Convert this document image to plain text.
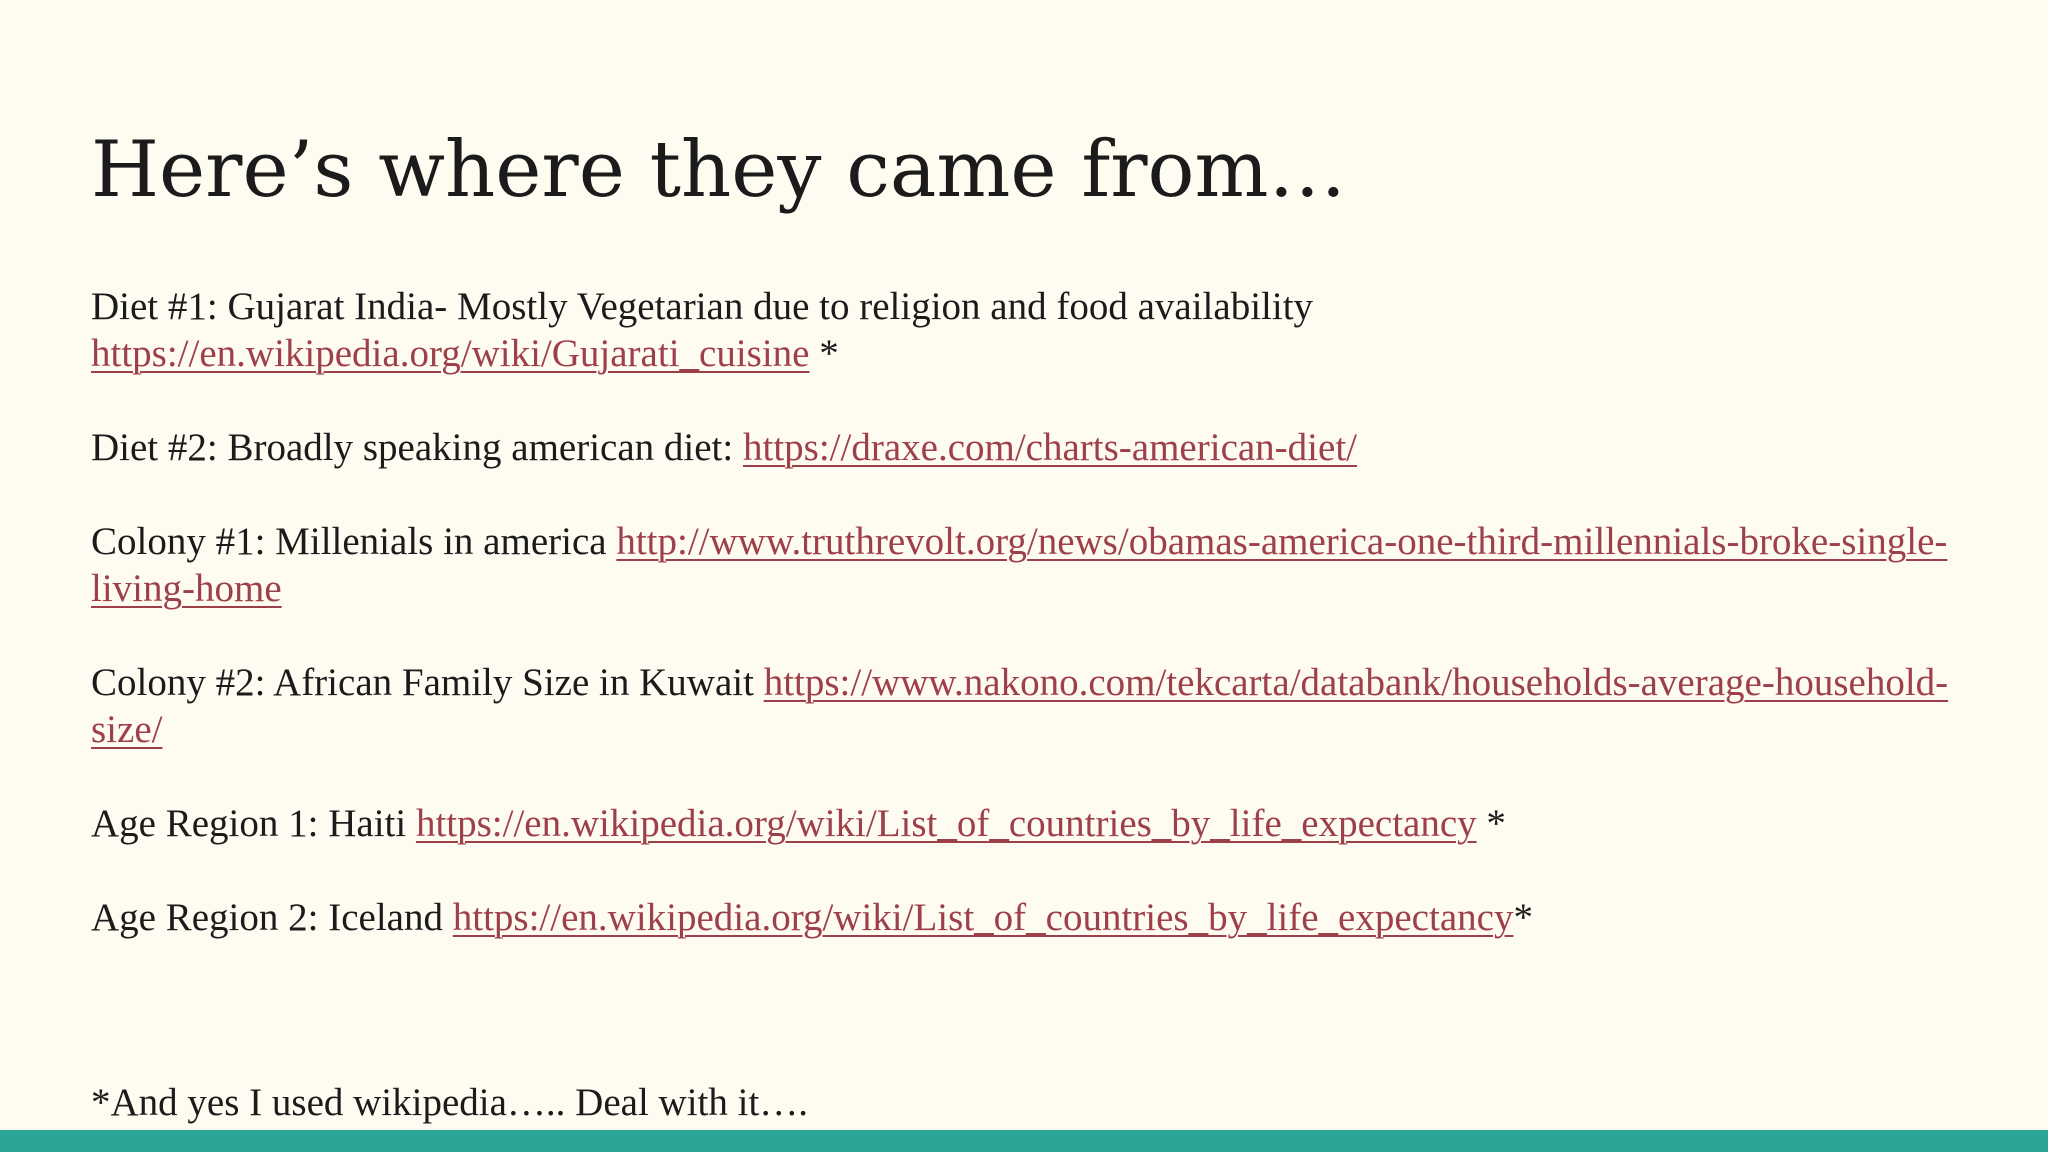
Here’s where they came from…
Diet #1: Gujarat India- Mostly Vegetarian due to religion and food availability
https://en.wikipedia.org/wiki/Gujarati_cuisine *
Diet #2: Broadly speaking american diet: https://draxe.com/charts-american-diet/
Colony #1: Millenials in america http://www.truthrevolt.org/news/obamas-america-one-third-millennials-broke-single-living-home
Colony #2: African Family Size in Kuwait https://www.nakono.com/tekcarta/databank/households-average-household-size/
Age Region 1: Haiti https://en.wikipedia.org/wiki/List_of_countries_by_life_expectancy *
Age Region 2: Iceland https://en.wikipedia.org/wiki/List_of_countries_by_life_expectancy*
*And yes I used wikipedia….. Deal with it….
